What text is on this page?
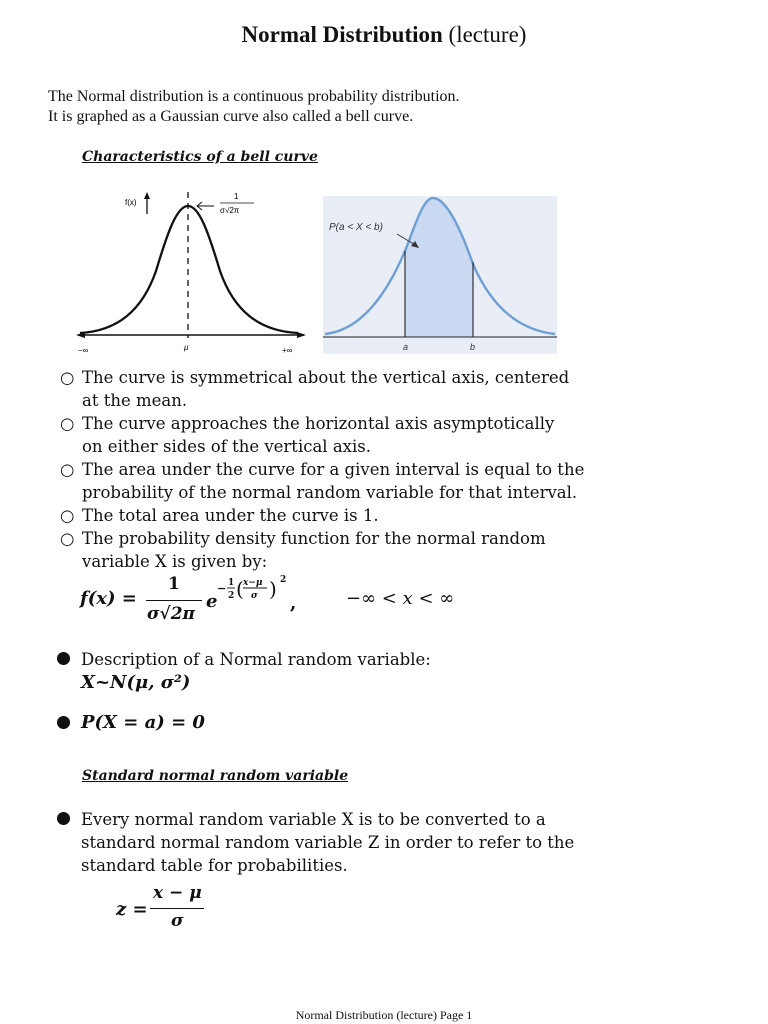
Normal Distribution (lecture)
The Normal distribution is a continuous probability distribution.
It is graphed as a Gaussian curve also called a bell curve.
Characteristics of a bell curve
f(x)
1
σ√2π
−∞	μ	+∞
P(a < X < b)
a	b
○ The curve is symmetrical about the vertical axis, centered
at the mean.
○ The curve approaches the horizontal axis asymptotically
on either sides of the vertical axis.
○ The area under the curve for a given interval is equal to the
probability of the normal random variable for that interval.
○ The total area under the curve is 1.
○ The probability density function for the normal random
variable X is given by:
f(x) =
1
σ√2π
e
− 1
2 ( x−μ
σ ) 2
,	−∞ < x < ∞
Description of a Normal random variable:
X~N(μ, σ²)
P(X = a) = 0
Standard normal random variable
Every normal random variable X is to be converted to a
standard normal random variable Z in order to refer to the
standard table for probabilities.
z =
x − μ
σ
Normal Distribution (lecture) Page 1
